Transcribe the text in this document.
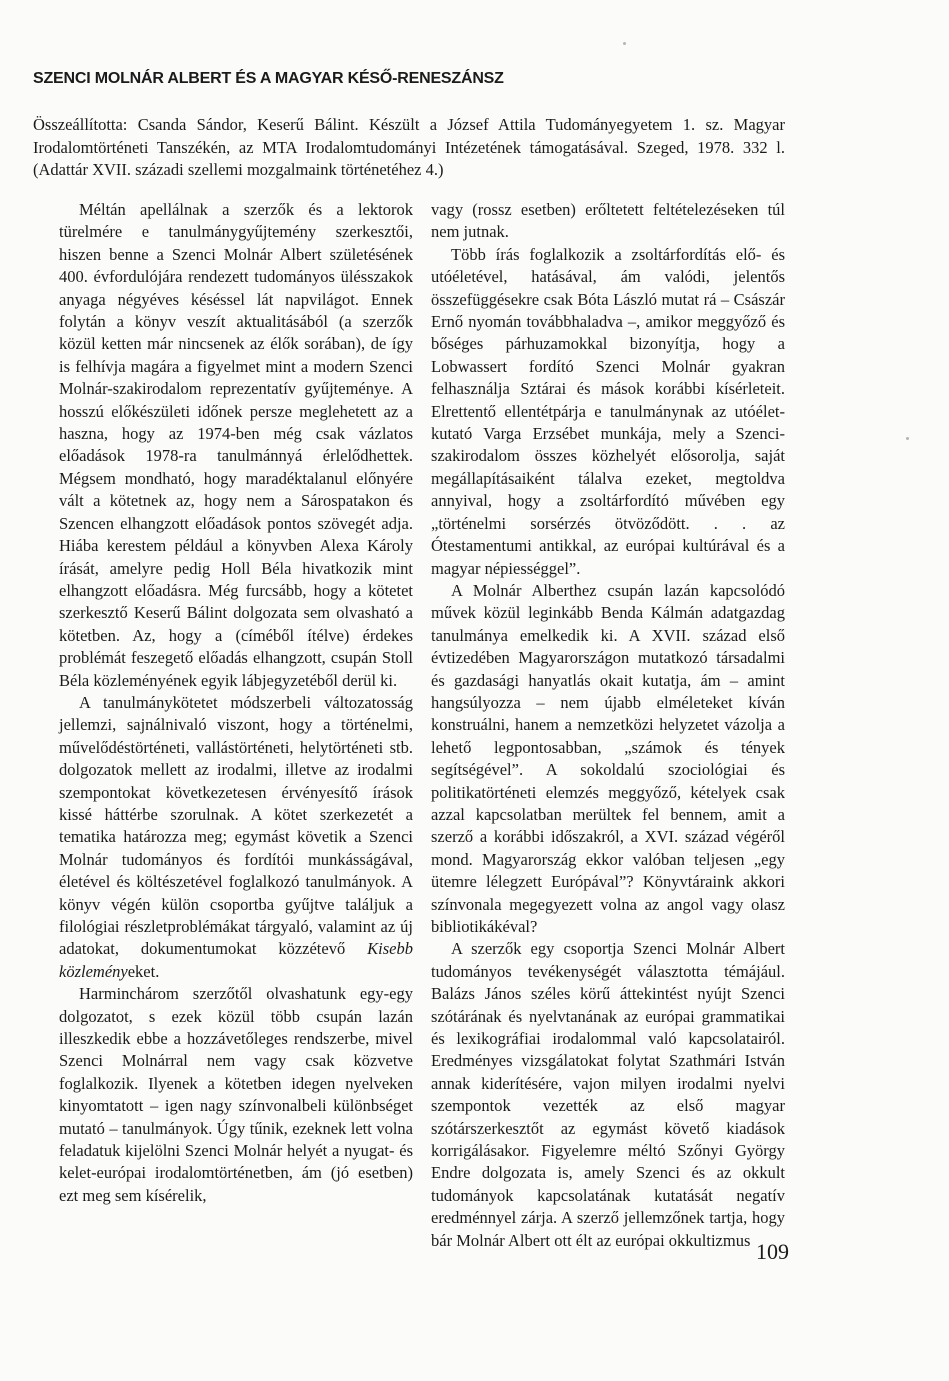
SZENCI MOLNÁR ALBERT ÉS A MAGYAR KÉSŐ-RENESZÁNSZ

Összeállította: Csanda Sándor, Keserű Bálint. Készült a József Attila Tudományegyetem 1. sz. Magyar Irodalomtörténeti Tanszékén, az MTA Irodalomtudományi Intézetének támogatásával. Szeged, 1978. 332 l. (Adattár XVII. századi szellemi mozgalmaink történetéhez 4.)

Méltán apellálnak a szerzők és a lektorok türelmére e tanulmánygyűjtemény szerkesztői, hiszen benne a Szenci Molnár Albert születésének 400. évfordulójára rendezett tudományos ülésszakok anyaga négyéves késéssel lát napvilágot. Ennek folytán a könyv veszít aktualitásából (a szerzők közül ketten már nincsenek az élők sorában), de így is felhívja magára a figyelmet mint a modern Szenci Molnár-szakirodalom reprezentatív gyűjteménye. A hosszú előkészületi időnek persze meglehetett az a haszna, hogy az 1974-ben még csak vázlatos előadások 1978-ra tanulmánnyá érlelődhettek. Mégsem mondható, hogy maradéktalanul előnyére vált a kötetnek az, hogy nem a Sárospatakon és Szencen elhangzott előadások pontos szövegét adja. Hiába kerestem például a könyvben Alexa Károly írását, amelyre pedig Holl Béla hivatkozik mint elhangzott előadásra. Még furcsább, hogy a kötetet szerkesztő Keserű Bálint dolgozata sem olvasható a kötetben. Az, hogy a (címéből ítélve) érdekes problémát feszegető előadás elhangzott, csupán Stoll Béla közleményének egyik lábjegyzetéből derül ki.

A tanulmánykötetet módszerbeli változatosság jellemzi, sajnálnivaló viszont, hogy a történelmi, művelődéstörténeti, vallástörténeti, helytörténeti stb. dolgozatok mellett az irodalmi, illetve az irodalmi szempontokat következetesen érvényesítő írások kissé háttérbe szorulnak. A kötet szerkezetét a tematika határozza meg; egymást követik a Szenci Molnár tudományos és fordítói munkásságával, életével és költészetével foglalkozó tanulmányok. A könyv végén külön csoportba gyűjtve találjuk a filológiai részletproblémákat tárgyaló, valamint az új adatokat, dokumentumokat közzétevő Kisebb közleményeket.

Harminchárom szerzőtől olvashatunk egy-egy dolgozatot, s ezek közül több csupán lazán illeszkedik ebbe a hozzávetőleges rendszerbe, mivel Szenci Molnárral nem vagy csak közvetve foglalkozik. Ilyenek a kötetben idegen nyelveken kinyomtatott – igen nagy színvonalbeli különbséget mutató – tanulmányok. Úgy tűnik, ezeknek lett volna feladatuk kijelölni Szenci Molnár helyét a nyugat- és kelet-európai irodalomtörténetben, ám (jó esetben) ezt meg sem kísérelik,

vagy (rossz esetben) erőltetett feltételezéseken túl nem jutnak.

Több írás foglalkozik a zsoltárfordítás elő- és utóéletével, hatásával, ám valódi, jelentős összefüggésekre csak Bóta László mutat rá – Császár Ernő nyomán továbbhaladva –, amikor meggyőző és bőséges párhuzamokkal bizonyítja, hogy a Lobwassert fordító Szenci Molnár gyakran felhasználja Sztárai és mások korábbi kísérleteit. Elrettentő ellentétpárja e tanulmánynak az utóélet-kutató Varga Erzsébet munkája, mely a Szenci-szakirodalom összes közhelyét elősorolja, saját megállapításaiként tálalva ezeket, megtoldva annyival, hogy a zsoltárfordító művében egy „történelmi sorsérzés ötvöződött. . . az Ótestamentumi antikkal, az európai kultúrával és a magyar népiességgel”.

A Molnár Alberthez csupán lazán kapcsolódó művek közül leginkább Benda Kálmán adatgazdag tanulmánya emelkedik ki. A XVII. század első évtizedében Magyarországon mutatkozó társadalmi és gazdasági hanyatlás okait kutatja, ám – amint hangsúlyozza – nem újabb elméleteket kíván konstruálni, hanem a nemzetközi helyzetet vázolja a lehető legpontosabban, „számok és tények segítségével”. A sokoldalú szociológiai és politikatörténeti elemzés meggyőző, kételyek csak azzal kapcsolatban merültek fel bennem, amit a szerző a korábbi időszakról, a XVI. század végéről mond. Magyarország ekkor valóban teljesen „egy ütemre lélegzett Európával”? Könyvtáraink akkori színvonala megegyezett volna az angol vagy olasz bibliotikákéval?

A szerzők egy csoportja Szenci Molnár Albert tudományos tevékenységét választotta témájául. Balázs János széles körű áttekintést nyújt Szenci szótárának és nyelvtanának az európai grammatikai és lexikográfiai irodalommal való kapcsolatairól. Eredményes vizsgálatokat folytat Szathmári István annak kiderítésére, vajon milyen irodalmi nyelvi szempontok vezették az első magyar szótárszerkesztőt az egymást követő kiadások korrigálásakor. Figyelemre méltó Szőnyi György Endre dolgozata is, amely Szenci és az okkult tudományok kapcsolatának kutatását negatív eredménnyel zárja. A szerző jellemzőnek tartja, hogy bár Molnár Albert ott élt az európai okkultizmus 109
